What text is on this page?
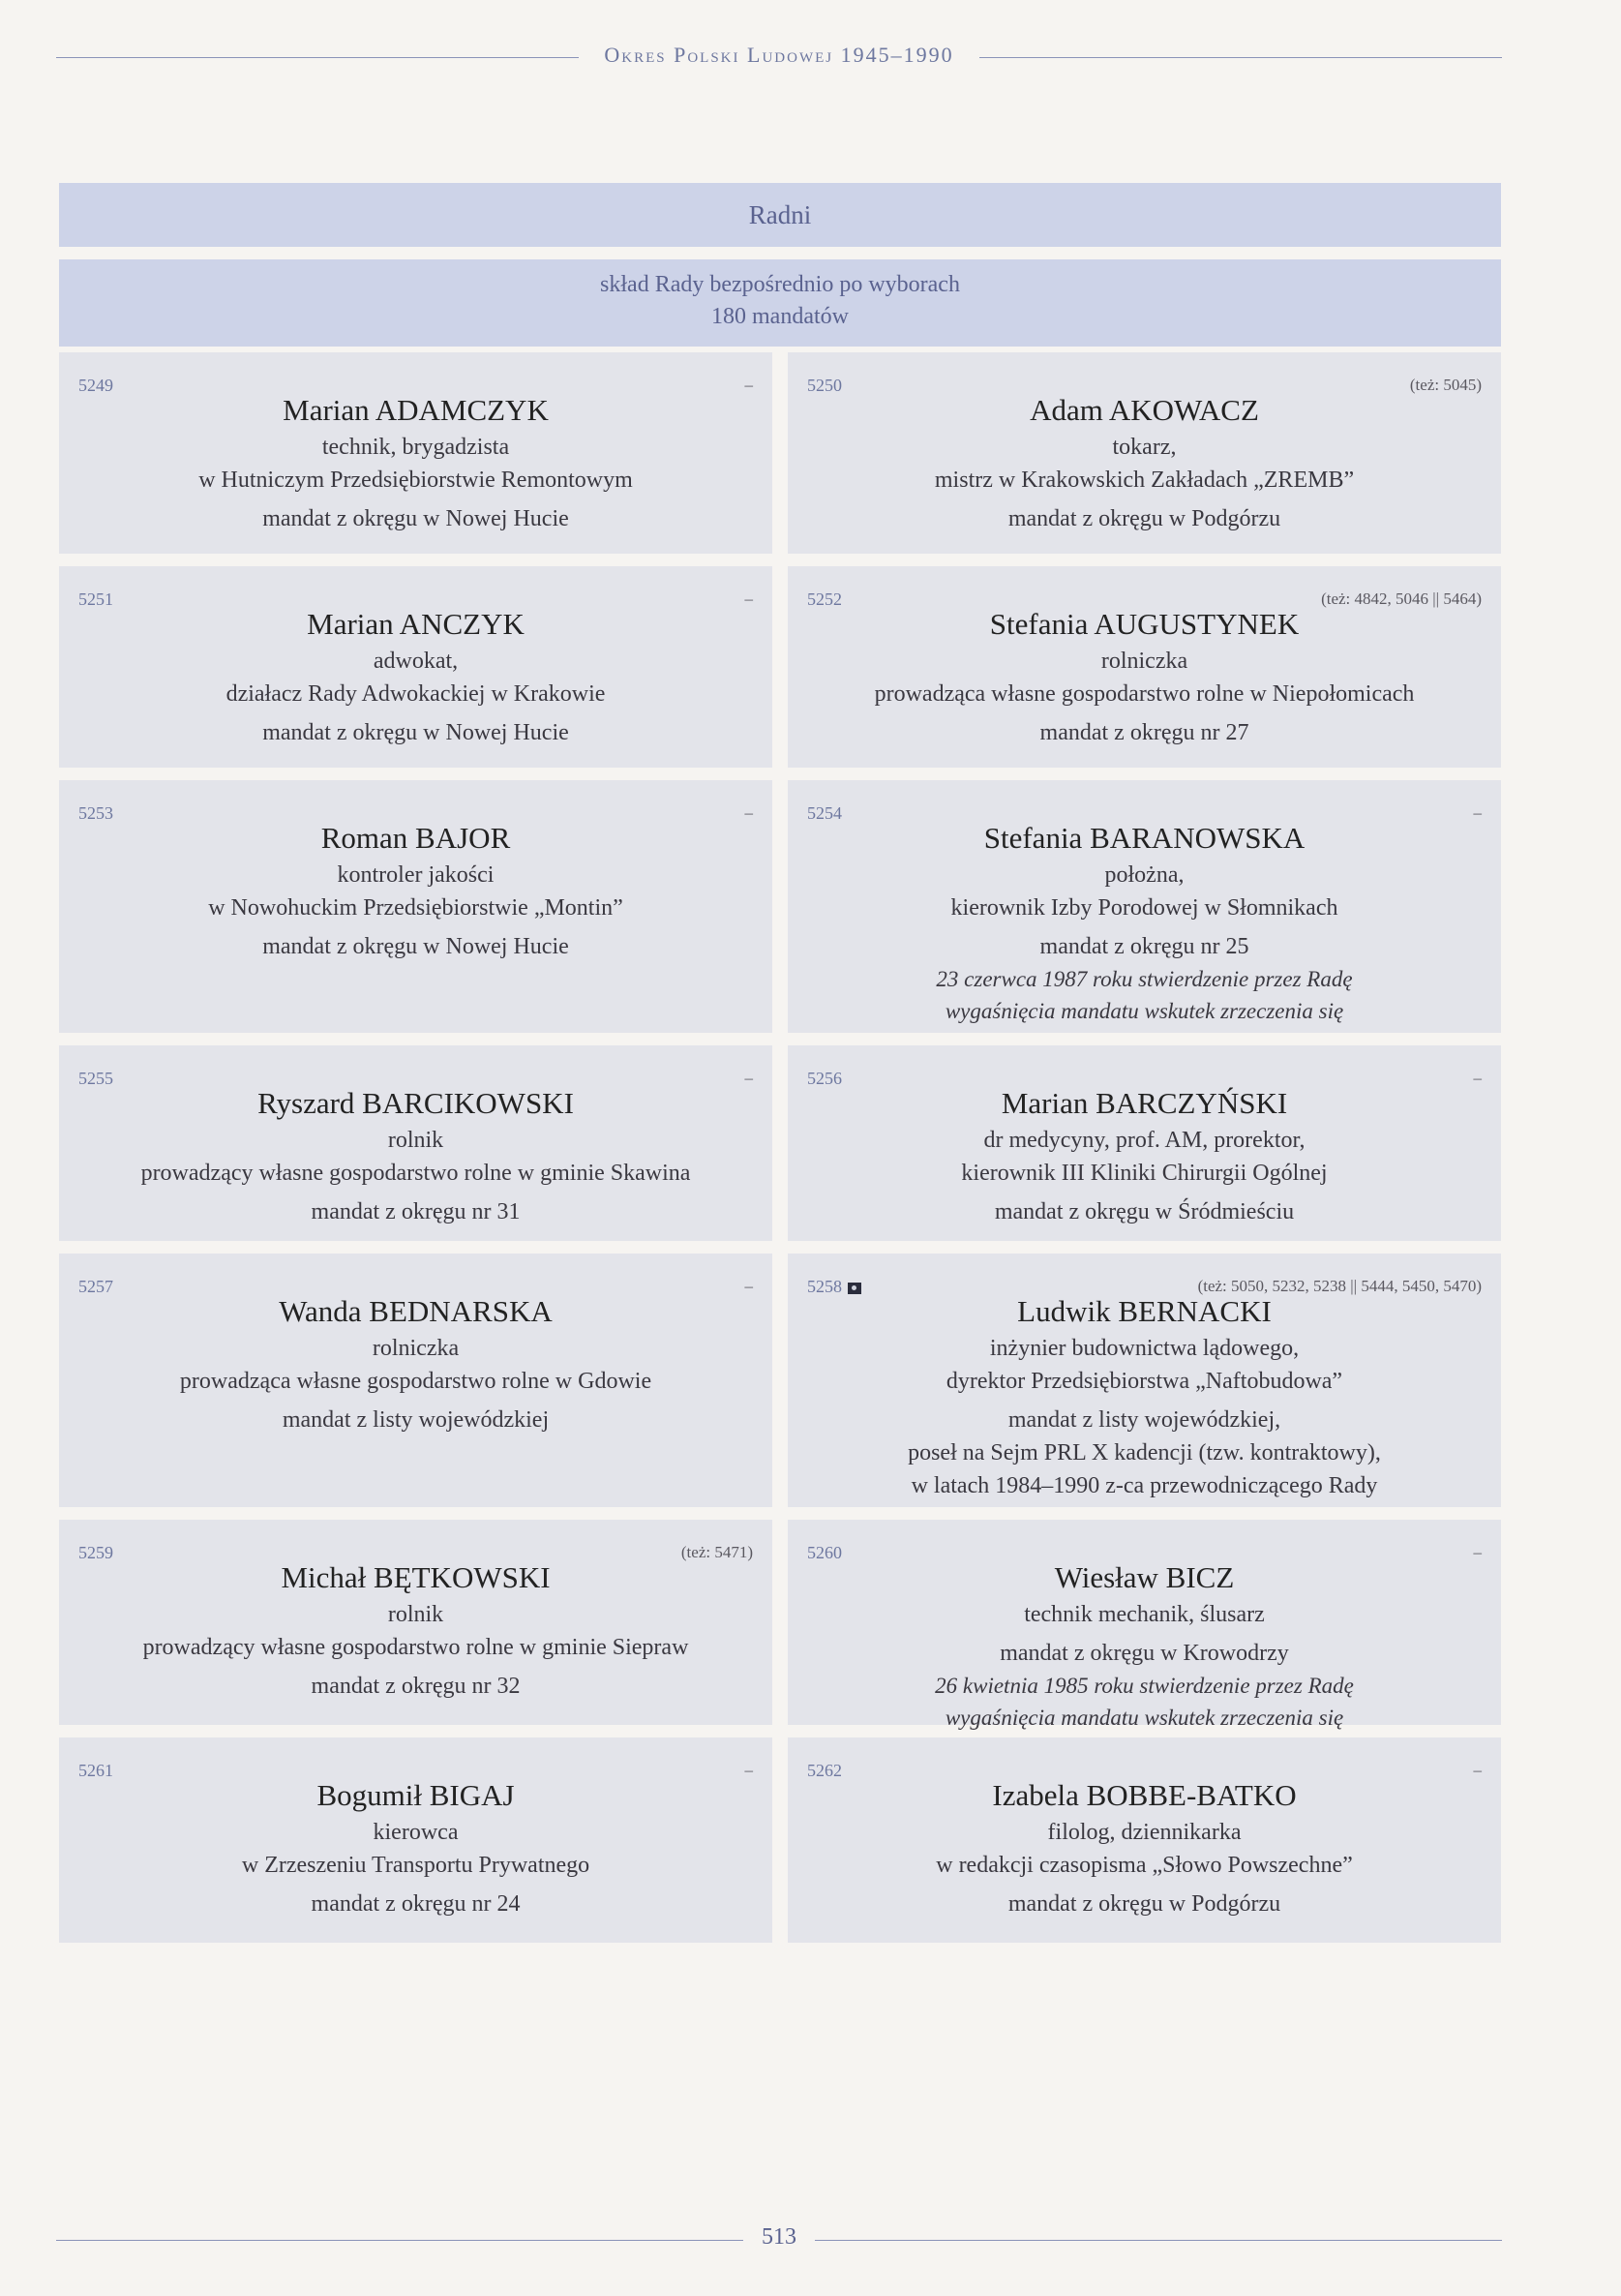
Okres Polski Ludowej 1945–1990
Radni
skład Rady bezpośrednio po wyborach
180 mandatów
5249	–
Marian ADAMCZYK
technik, brygadzista
w Hutniczym Przedsiębiorstwie Remontowym
mandat z okręgu w Nowej Hucie
5250	(też: 5045)
Adam AKOWACZ
tokarz,
mistrz w Krakowskich Zakładach „ZREMB”
mandat z okręgu w Podgórzu
5251	–
Marian ANCZYK
adwokat,
działacz Rady Adwokackiej w Krakowie
mandat z okręgu w Nowej Hucie
5252	(też: 4842, 5046 || 5464)
Stefania AUGUSTYNEK
rolniczka
prowadząca własne gospodarstwo rolne w Niepołomicach
mandat z okręgu nr 27
5253	–
Roman BAJOR
kontroler jakości
w Nowohuckim Przedsiębiorstwie „Montin”
mandat z okręgu w Nowej Hucie
5254	–
Stefania BARANOWSKA
położna,
kierownik Izby Porodowej w Słomnikach
mandat z okręgu nr 25
23 czerwca 1987 roku stwierdzenie przez Radę
wygaśnięcia mandatu wskutek zrzeczenia się
5255	–
Ryszard BARCIKOWSKI
rolnik
prowadzący własne gospodarstwo rolne w gminie Skawina
mandat z okręgu nr 31
5256	–
Marian BARCZYŃSKI
dr medycyny, prof. AM, prorektor,
kierownik III Kliniki Chirurgii Ogólnej
mandat z okręgu w Śródmieściu
5257	–
Wanda BEDNARSKA
rolniczka
prowadząca własne gospodarstwo rolne w Gdowie
mandat z listy wojewódzkiej
5258	(też: 5050, 5232, 5238 || 5444, 5450, 5470)
Ludwik BERNACKI
inżynier budownictwa lądowego,
dyrektor Przedsiębiorstwa „Naftobudowa”
mandat z listy wojewódzkiej,
poseł na Sejm PRL X kadencji (tzw. kontraktowy),
w latach 1984–1990 z-ca przewodniczącego Rady
5259	(też: 5471)
Michał BĘTKOWSKI
rolnik
prowadzący własne gospodarstwo rolne w gminie Siepraw
mandat z okręgu nr 32
5260	–
Wiesław BICZ
technik mechanik, ślusarz
mandat z okręgu w Krowodrzy
26 kwietnia 1985 roku stwierdzenie przez Radę
wygaśnięcia mandatu wskutek zrzeczenia się
5261	–
Bogumił BIGAJ
kierowca
w Zrzeszeniu Transportu Prywatnego
mandat z okręgu nr 24
5262	–
Izabela BOBBE-BATKO
filolog, dziennikarka
w redakcji czasopisma „Słowo Powszechne”
mandat z okręgu w Podgórzu
513
